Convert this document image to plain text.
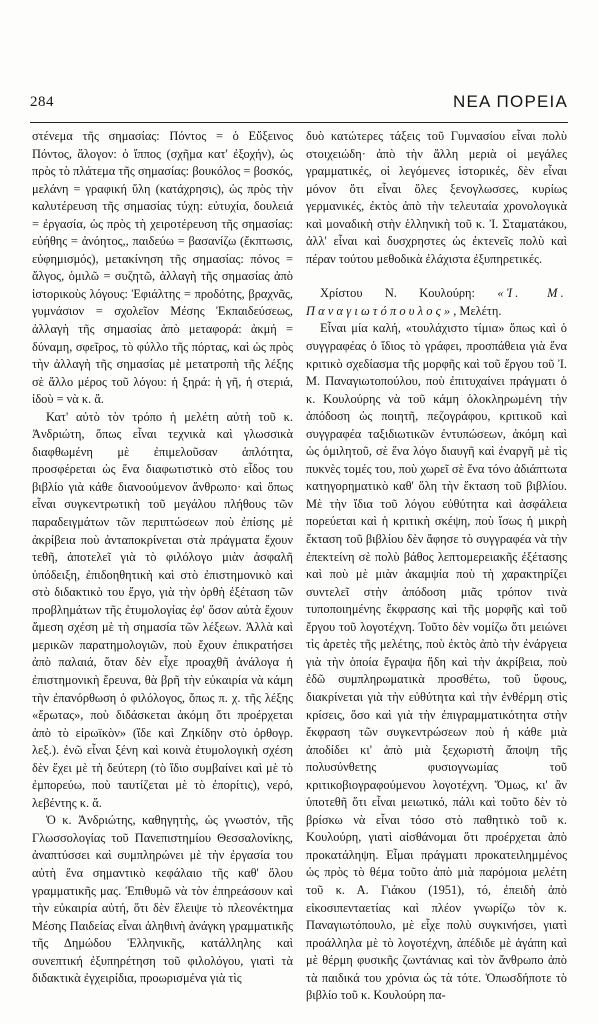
284	ΝΕΑ ΠΟΡΕΙΑ

στένεμα τῆς σημασίας: Πόντος = ὁ Εὔξεινος Πόντος, ἄλογον: ὁ ἵππος (σχῆμα κατ' ἐξοχήν), ὡς πρὸς τὸ πλάτεμα τῆς σημασίας: βουκόλος = βοσκός, μελάνη = γραφική ὕλη (κατάχρησις), ὡς πρὸς τὴν καλυτέρευση τῆς σημασίας τύχη: εὐτυχία, δουλειά = ἐργασία, ὡς πρὸς τὴ χειροτέρευση τῆς σημασίας: εὐήθης = ἀνόητος,, παιδεύω = βασανίζω (ἔκπτωσις, εὐφημισμός), μετακίνηση τῆς σημασίας: πόνος = ἄλγος, ὁμιλῶ = συζητῶ, ἀλλαγὴ τῆς σημασίας ἀπὸ ἱστορικοὺς λόγους: Ἐφιάλτης = προδότης, βραχνᾶς, γυμνάσιον = σχολεῖον Μέσης Ἐκπαιδεύσεως, ἀλλαγὴ τῆς σημασίας ἀπὸ μεταφορά: ἀκμή = δύναμη, σφεῖρος, τὸ φύλλο τῆς πόρτας, καὶ ὡς πρὸς τὴν ἀλλαγὴ τῆς σημασίας μὲ μετατροπὴ τῆς λέξης σὲ ἄλλο μέρος τοῦ λόγου: ἡ ξηρά: ἡ γῆ, ἡ στεριά, ἰδοὺ = νὰ κ. ἄ.

Κατ' αὐτὸ τὸν τρόπο ἡ μελέτη αὐτὴ τοῦ κ. Ἀνδριώτη, ὅπως εἶναι τεχνικὰ καὶ γλωσσικὰ διαφθωμένη μὲ ἐπιμελοῦσαν ἁπλότητα, προσφέρεται ὡς ἕνα διαφωτιστικὸ στὸ εἶδος του βιβλίο γιὰ κάθε διανοούμενον ἄνθρωπο· καὶ ὅπως εἶναι συγκεντρωτικὴ τοῦ μεγάλου πλήθους τῶν παραδειγμάτων τῶν περιπτώσεων ποὺ ἐπίσης μὲ ἀκρίβεια ποὺ ἀνταποκρίνεται στὰ πράγματα ἔχουν τεθῆ, ἀποτελεῖ γιὰ τὸ φιλόλογο μιὰν ἀσφαλῆ ὑπόδειξη, ἐπιδοηθητικὴ καὶ στὸ ἐπιστημονικὸ καὶ στὸ διδακτικὸ του ἔργο, γιὰ τὴν ὀρθὴ ἐξέταση τῶν προβλημάτων τῆς ἐτυμολογίας ἐφ' ὅσον αὐτὰ ἔχουν ἄμεση σχέση μὲ τὴ σημασία τῶν λέξεων. Ἀλλὰ καὶ μερικῶν παρατημολογιῶν, ποὺ ἔχουν ἐπικρατήσει ἀπὸ παλαιά, ὅταν δὲν εἶχε προαχθῆ ἀνάλογα ἡ ἐπιστημονικὴ ἔρευνα, θὰ βρῆ τὴν εὐκαιρία νὰ κάμη τὴν ἐπανόρθωση ὁ φιλόλογος, ὅπως π. χ. τῆς λέξης «ἔρωτας», ποὺ διδάσκεται ἀκόμη ὅτι προέρχεται ἀπὸ τὸ εἰρωϊκὸν» (ἴδε καὶ Ζηκίδην στὸ ὀρθογρ. λεξ.). ἐνῶ εἶναι ξένη καὶ κοινὰ ἐτυμολογικὴ σχέση δὲν ἔχει μὲ τὴ δεύτερη (τὸ ἴδιο συμβαίνει καὶ μὲ τὸ ἐμπορεύω, ποὺ ταυτίζεται μὲ τὸ ἐπορίτις), νερό, λεβέντης κ. ἄ.

Ὁ κ. Ἀνδριώτης, καθηγητὴς, ὡς γνωστόν, τῆς Γλωσσολογίας τοῦ Πανεπιστημίου Θεσσαλονίκης, ἀναπτύσσει καὶ συμπληρώνει μὲ τὴν ἐργασία του αὐτὴ ἕνα σημαντικὸ κεφάλαιο τῆς καθ' ὅλου γραμματικῆς μας. Ἐπιθυμῶ νὰ τὸν ἐπηρεάσουν καὶ τὴν εὐκαιρία αὐτή, ὅτι δὲν ἔλειψε τὸ πλεονέκτημα Μέσης Παιδείας εἶναι ἀληθινὴ ἀνάγκη γραμματικῆς τῆς Δημώδου Ἑλληνικῆς, κατάλληλης καὶ συνεπτική ἐξυπηρέτηση τοῦ φιλολόγου, γιατὶ τὰ διδακτικὰ ἐγχειρίδια, προωρισμένα γιὰ τὶς

δυὸ κατώτερες τάξεις τοῦ Γυμνασίου εἶναι πολὺ στοιχειώδη· ἀπὸ τὴν ἄλλη μεριὰ οἱ μεγάλες γραμματικές, οἱ λεγόμενες ἱστορικές, δὲν εἶναι μόνον ὅτι εἶναι ὅλες ξενογλωσσες, κυρίως γερμανικές, ἐκτὸς ἀπὸ τὴν τελευταία χρονολογικὰ καὶ μοναδικὴ στὴν ἑλληνικὴ τοῦ κ. Ἰ. Σταματάκου, ἀλλ' εἶναι καὶ δυσχρηστες ὡς ἐκτενεῖς πολὺ καὶ πέραν τούτου μεθοδικὰ ἐλάχιστα ἐξυπηρετικές.

Χρίστου Ν. Κουλούρη: «Ἰ. Μ. Παναγιωτόπουλος», Μελέτη.

Εἶναι μία καλή, «τουλάχιστο τίμια» ὅπως καὶ ὁ συγγραφέας ὁ ἴδιος τὸ γράφει, προσπάθεια γιὰ ἕνα κριτικὸ σχεδίασμα τῆς μορφῆς καὶ τοῦ ἔργου τοῦ Ἰ. Μ. Παναγιωτοπούλου, ποὺ ἐπιτυχαίνει πράγματι ὁ κ. Κουλούρης νὰ τοῦ κάμη ὁλοκληρωμένη τὴν ἀπόδοση ὡς ποιητῆ, πεζογράφου, κριτικοῦ καὶ συγγραφέα ταξιδιωτικῶν ἐντυπώσεων, ἀκόμη καὶ ὡς ὁμιλητοῦ, σὲ ἕνα λόγο διαυγῆ καὶ ἐναργῆ μὲ τὶς πυκνὲς τομές του, ποὺ χωρεῖ σὲ ἕνα τόνο ἀδιάπτωτα κατηγορηματικὸ καθ' ὅλη τὴν ἔκταση τοῦ βιβλίου. Μὲ τὴν ἴδια τοῦ λόγου εὐθύτητα καὶ ἀσφάλεια πορεύεται καὶ ἡ κριτικὴ σκέψη, ποὺ ἴσως ἡ μικρὴ ἔκταση τοῦ βιβλίου δὲν ἄφησε τὸ συγγραφέα νὰ τὴν ἐπεκτείνη σὲ πολὺ βάθος λεπτομερειακῆς ἐξέτασης καὶ ποὺ μὲ μιὰν ἀκαμψία ποὺ τὴ χαρακτηρίζει συντελεῖ στὴν ἀπόδοση μιᾶς τρόπον τινὰ τυποποιημένης ἔκφρασης καὶ τῆς μορφῆς καὶ τοῦ ἔργου τοῦ λογοτέχνη. Τοῦτο δὲν νομίζω ὅτι μειώνει τὶς ἀρετὲς τῆς μελέτης, ποὺ ἐκτὸς ἀπὸ τὴν ἐνάργεια γιὰ τὴν ὁποία ἔγραψα ἤδη καὶ τὴν ἀκρίβεια, ποὺ ἐδῶ συμπληρωματικὰ προσθέτω, τοῦ ὕφους, διακρίνεται γιὰ τὴν εὐθύτητα καὶ τὴν ἐνθέρμη στὶς κρίσεις, ὅσο καὶ γιὰ τὴν ἐπιγραμματικότητα στὴν ἔκφραση τῶν συγκεντρώσεων ποὺ ἡ κάθε μιὰ ἀποδίδει κι' ἀπὸ μιὰ ξεχωριστὴ ἄποψη τῆς πολυσύνθετης φυσιογνωμίας τοῦ κριτικοβιογραφούμενου λογοτέχνη. Ὅμως, κι' ἂν ὑποτεθῆ ὅτι εἶναι μειωτικό, πάλι καὶ τοῦτο δὲν τὸ βρίσκω νὰ εἶναι τόσο στὸ παθητικὸ τοῦ κ. Κουλούρη, γιατὶ αἰσθάνομαι ὅτι προέρχεται ἀπὸ προκατάληψη. Εἶμαι πράγματι προκατειλημμένος ὡς πρὸς τὸ θέμα τοῦτο ἀπὸ μιὰ παρόμοια μελέτη τοῦ κ. Α. Γιάκου (1951), τό, ἐπειδὴ ἀπὸ εἰκοσιπενταετίας καὶ πλέον γνωρίζω τὸν κ. Παναγιωτόπουλο, μὲ εἶχε πολὺ συγκινήσει, γιατὶ προάλληλα μὲ τὸ λογοτέχνη, ἀπέδιδε μὲ ἀγάπη καὶ μὲ θέρμη φυσικῆς ζωντάνιας καὶ τὸν ἄνθρωπο ἀπὸ τὰ παιδικά του χρόνια ὡς τὰ τότε. Ὁπωσδήποτε τὸ βιβλίο τοῦ κ. Κουλούρη πα-
